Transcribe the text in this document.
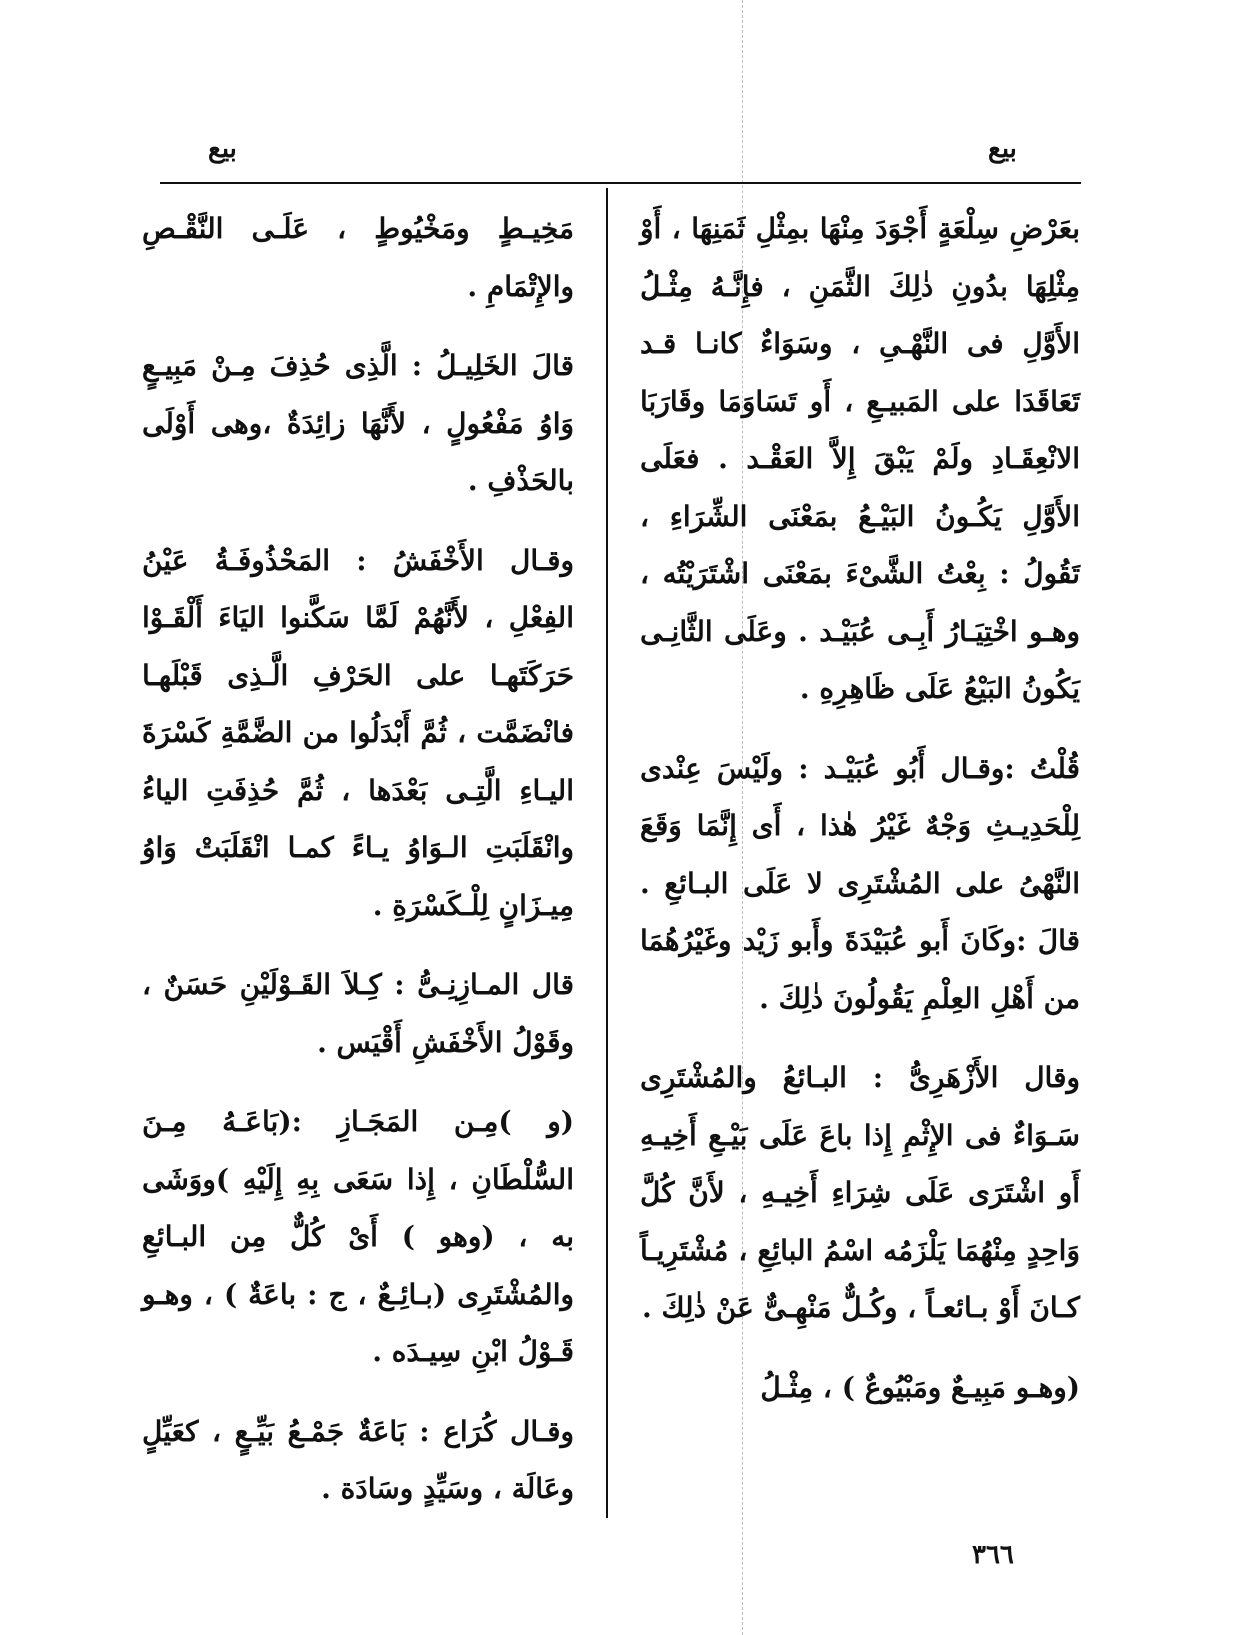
بيع	بيع

بعَرْضِ سِلْعَةٍ أَجْوَدَ مِنْهَا بمِثْلِ ثَمَنِهَا ، أَوْ مِثْلِهَا بدُونِ ذٰلِكَ الثَّمَنِ ، فإِنَّـهُ مِثْـلُ الأَوَّلِ فى النَّهْـىِ ، وسَوَاءٌ كانـا قـد تَعَاقَدَا على المَبيـعِ ، أَو تَسَاوَمَا وقَارَبَا الانْعِقَـادِ ولَمْ يَبْقَ إِلاَّ العَقْـد . فعَلَى الأَوَّلِ يَكُـونُ البَيْـعُ بمَعْنَى الشِّرَاءِ ، تَقُولُ : بِعْتُ الشَّىْءَ بمَعْنَى اشْتَرَيْتُه ، وهـو اخْتِيَـارُ أَبِـى عُبَيْـد . وعَلَى الثَّانِـى يَكُونُ البَيْعُ عَلَى ظَاهِرِهِ .

قُلْتُ :وقـال أَبُو عُبَيْـد : ولَيْسَ عِنْدى لِلْحَدِيـثِ وَجْهٌ غَيْرُ هٰذا ، أَى إِنَّمَا وَقَعَ النَّهْىُ على المُشْتَرِى لا عَلَى البـائعِ . قالَ :وكَانَ أَبو عُبَيْدَةَ وأَبو زَيْد وغَيْرُهُمَا من أَهْلِ العِلْمِ يَقُولُونَ ذٰلِكَ .

وقال الأَزْهَرِىُّ : البـائعُ والمُشْتَرِى سَـوَاءٌ فى الإِثْمِ إِذا باعَ عَلَى بَيْـعِ أَخِيـهِ أَو اشْتَرَى عَلَى شِرَاءِ أَخِيـهِ ، لأَنَّ كُلَّ وَاحِدٍ مِنْهُمَا يَلْزَمُه اسْمُ البائِعِ ، مُشْتَرِيـاً كـانَ أَوْ بـائعـاً ، وكُـلٌّ مَنْهِـىٌّ عَنْ ذٰلِكَ .

(وهـو مَبِيـعٌ ومَبْيُوعٌ ) ، مِثْـلُ

مَخِيـطٍ ومَخْيُوطٍ ، عَلَـى النَّقْـصِ والإِتْمَامِ .

قالَ الخَلِيـلُ : الَّذِى حُذِفَ مِـنْ مَبِيـعٍ وَاوُ مَفْعُولٍ ، لأَنَّهَا زائِدَةٌ ،وهى أَوْلَى بالحَذْفِ .

وقـال الأَخْفَشُ : المَحْذُوفَـةُ عَيْنُ الفِعْلِ ، لأَنَّهُمْ لَمَّا سَكَّنوا اليَاءَ أَلْقَـوْا حَرَكَتَهـا على الحَرْفِ الَّـذِى قَبْلَهـا فانْضَمَّت ، ثُمَّ أَبْدَلُوا من الضَّمَّةِ كَسْرَةَ اليـاءِ الَّتِـى بَعْدَها ، ثُمَّ حُذِفَتِ الياءُ وانْقَلَبَتِ الـوَاوُ يـاءً كمـا انْقَلَبَتْ وَاوُ مِيـزَانٍ لِلْـكَسْرَةِ .

قال المـازِنِـىُّ : كِـلاَ القَـوْلَيْنِ حَسَنٌ ، وقَوْلُ الأَخْفَشِ أَقْيَس .

(و )مِـن المَجَـازِ :(بَاعَـهُ مِـنَ السُّلْطَانِ ، إِذا سَعَى بِهِ إِلَيْهِ )ووَشَى به ، (وهو ) أَىْ كُلٌّ مِن البـائعِ والمُشْتَرِى (بـائِـعٌ ، ج : باعَةٌ ) ، وهـو قَـوْلُ ابْنِ سِيـدَه .

وقـال كُرَاع : بَاعَةٌ جَمْـعُ بَيِّـعٍ ، كعَيِّلٍ وعَالَة ، وسَيِّدٍ وسَادَة .

٣٦٦
